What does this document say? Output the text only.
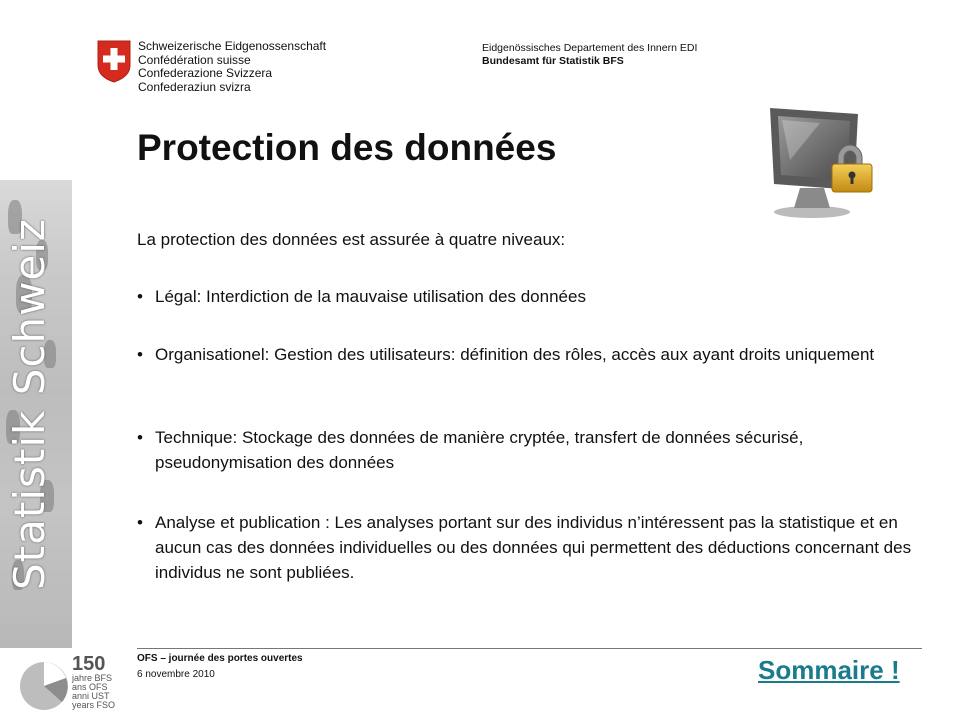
Schweizerische Eidgenossenschaft
Confédération suisse
Confederazione Svizzera
Confederaziun svizra
Eidgenössisches Departement des Innern EDI
Bundesamt für Statistik BFS
Statistik Schweiz
Protection des données
La protection des données est assurée à quatre niveaux:
• Légal: Interdiction de la mauvaise utilisation des données
• Organisationel: Gestion des utilisateurs: définition des rôles, accès aux ayant droits uniquement
• Technique: Stockage des données de manière cryptée, transfert de données sécurisé, pseudonymisation des données
• Analyse et publication : Les analyses portant sur des individus n’intéressent pas la statistique et en aucun cas des données individuelles ou des données qui permettent des déductions concernant des individus ne sont publiées.
150
jahre BFS
ans OFS
anni UST
years FSO
OFS – journée des portes ouvertes
6 novembre 2010	Sommaire !
